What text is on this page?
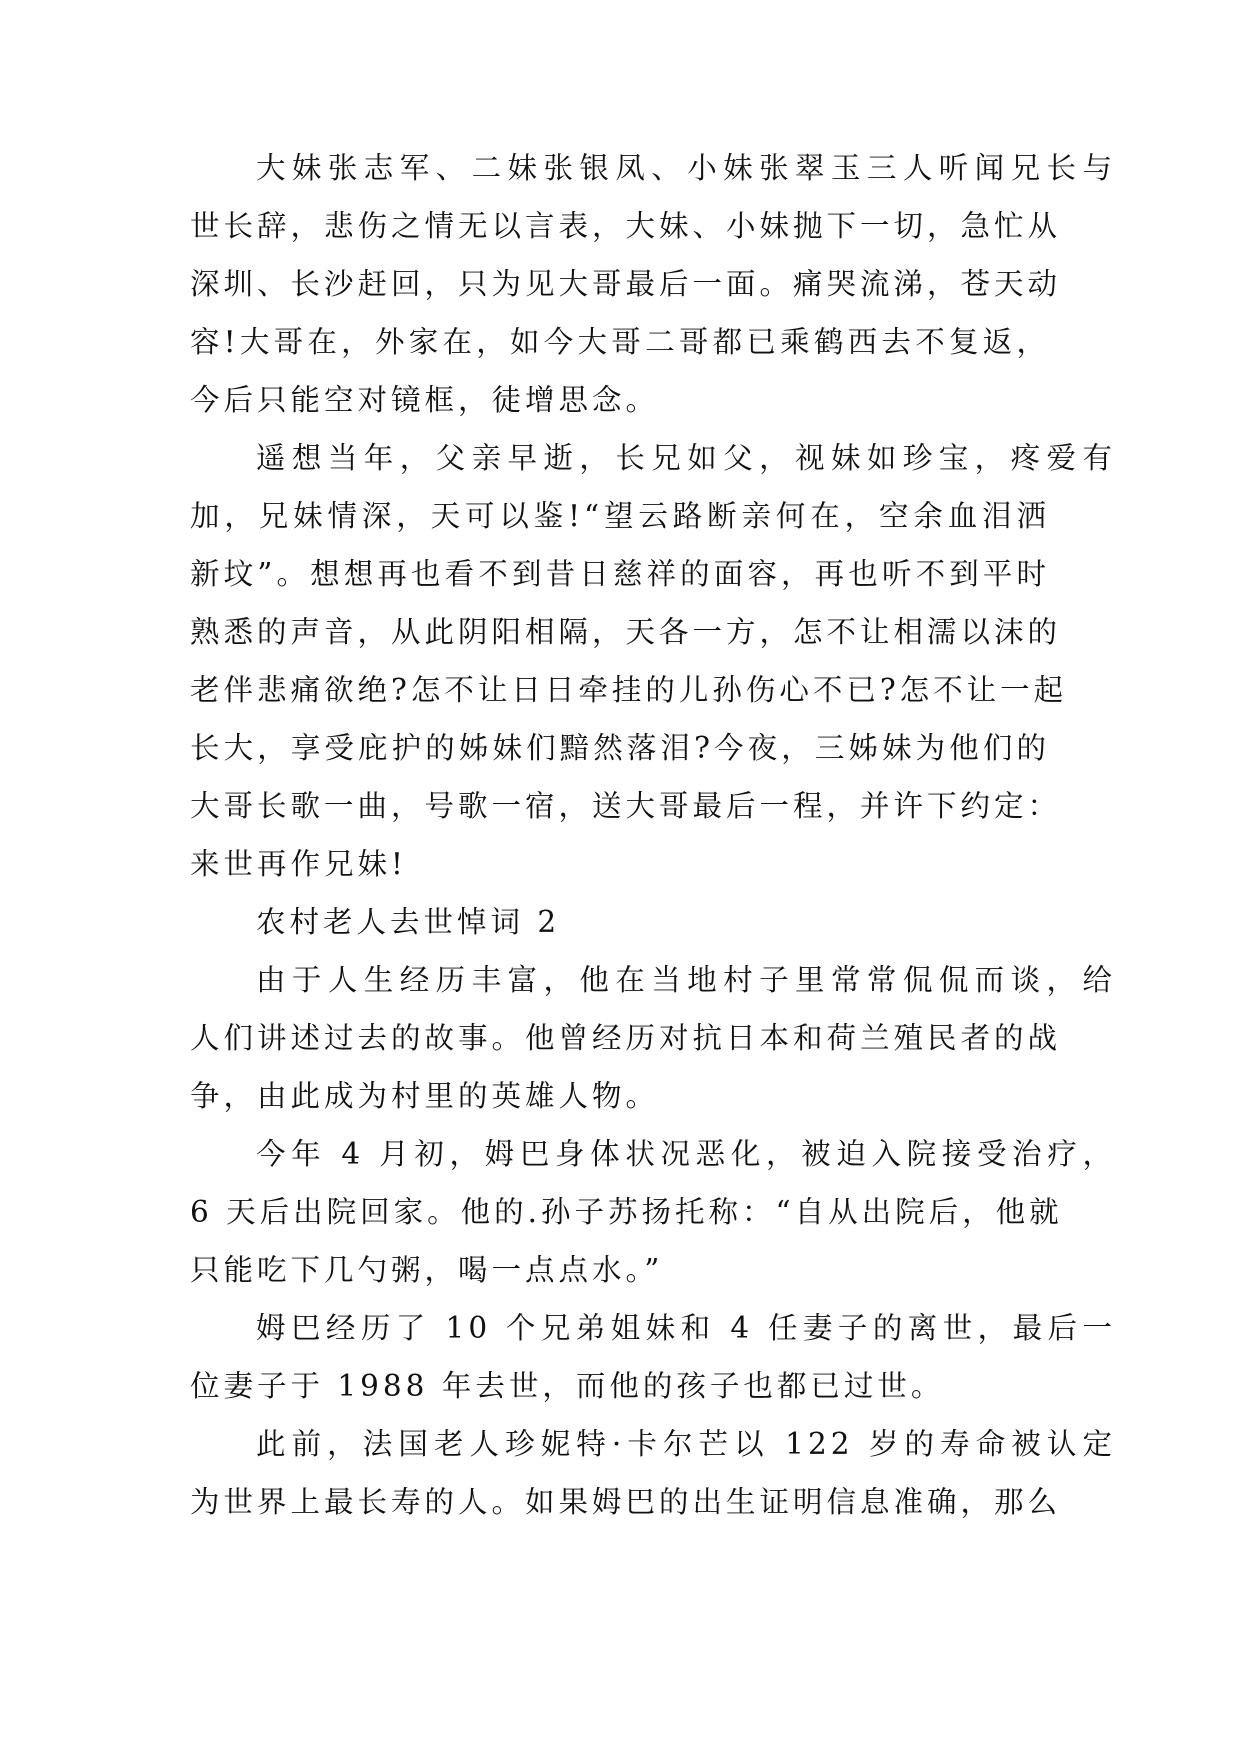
大妹张志军、二妹张银凤、小妹张翠玉三人听闻兄长与

世长辞，悲伤之情无以言表，大妹、小妹抛下一切，急忙从

深圳、长沙赶回，只为见大哥最后一面。痛哭流涕，苍天动

容!大哥在，外家在，如今大哥二哥都已乘鹤西去不复返，

今后只能空对镜框，徒增思念。

遥想当年，父亲早逝，长兄如父，视妹如珍宝，疼爱有

加，兄妹情深，天可以鉴!“望云路断亲何在，空余血泪洒

新坟”。想想再也看不到昔日慈祥的面容，再也听不到平时

熟悉的声音，从此阴阳相隔，天各一方，怎不让相濡以沫的

老伴悲痛欲绝?怎不让日日牵挂的儿孙伤心不已?怎不让一起

长大，享受庇护的姊妹们黯然落泪?今夜，三姊妹为他们的

大哥长歌一曲，号歌一宿，送大哥最后一程，并许下约定：

来世再作兄妹!

农村老人去世悼词 2

由于人生经历丰富，他在当地村子里常常侃侃而谈，给

人们讲述过去的故事。他曾经历对抗日本和荷兰殖民者的战

争，由此成为村里的英雄人物。

今年 4 月初，姆巴身体状况恶化，被迫入院接受治疗，

6 天后出院回家。他的.孙子苏扬托称：“自从出院后，他就

只能吃下几勺粥，喝一点点水。”

姆巴经历了 10 个兄弟姐妹和 4 任妻子的离世，最后一

位妻子于 1988 年去世，而他的孩子也都已过世。

此前，法国老人珍妮特·卡尔芒以 122 岁的寿命被认定

为世界上最长寿的人。如果姆巴的出生证明信息准确，那么
